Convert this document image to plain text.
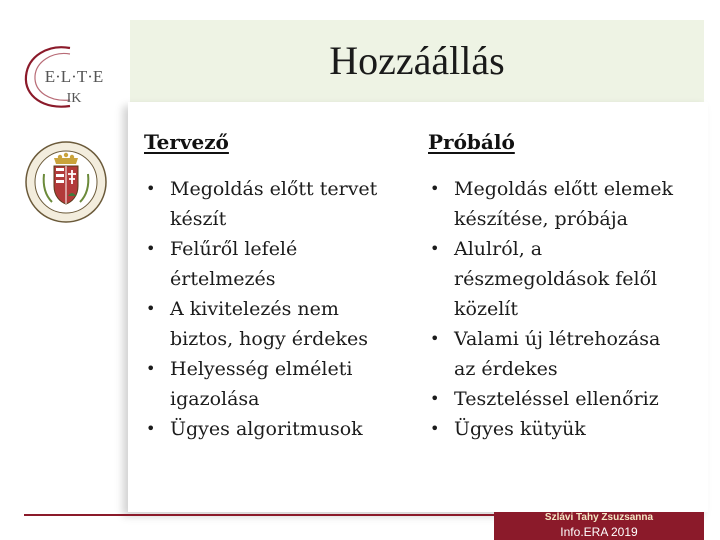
E·L·T·E
IK
Hozzáállás
Tervező
• Megoldás előtt tervet
készít
• Felűről lefelé
értelmezés
• A kivitelezés nem
biztos, hogy érdekes
• Helyesség elméleti
igazolása
• Ügyes algoritmusok
Próbáló
• Megoldás előtt elemek
készítése, próbája
• Alulról, a
részmegoldások felől
közelít
• Valami új létrehozása
az érdekes
• Teszteléssel ellenőriz
• Ügyes kütyük
Szlávi Tahy Zsuzsanna
Info.ERA 2019
